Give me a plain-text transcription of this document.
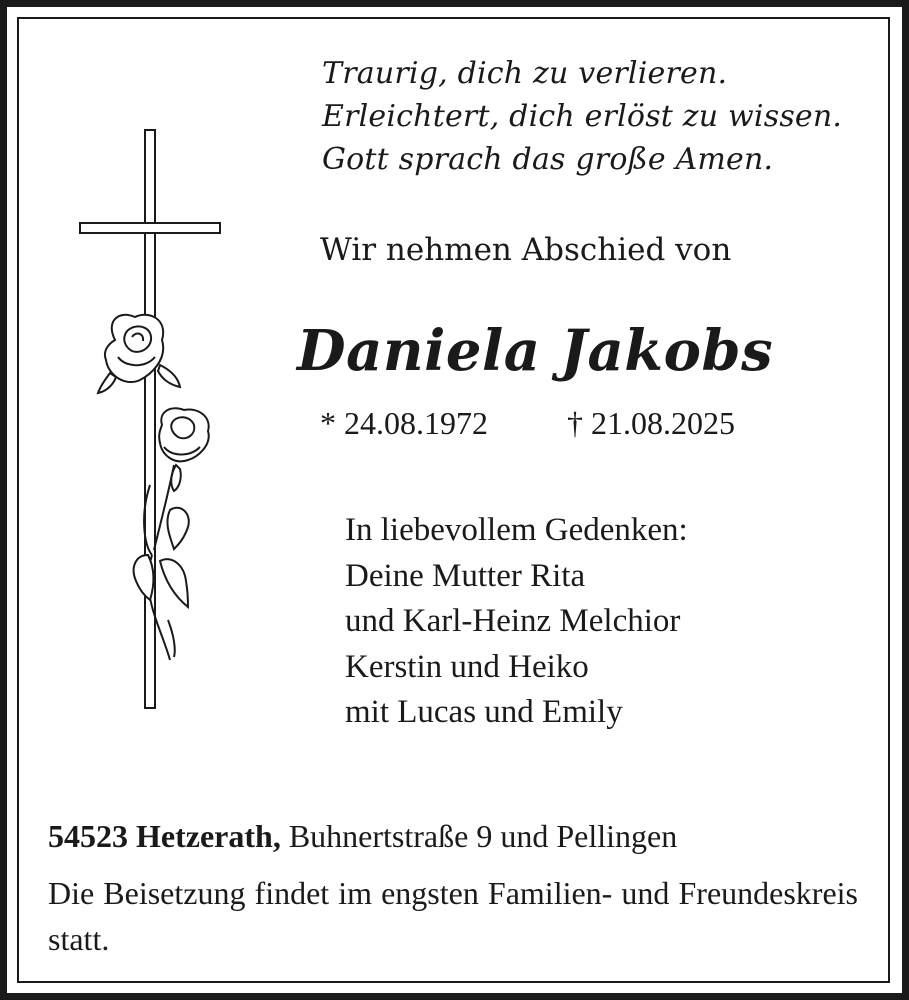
Traurig, dich zu verlieren.
Erleichtert, dich erlöst zu wissen.
Gott sprach das große Amen.
Wir nehmen Abschied von
Daniela Jakobs
* 24.08.1972 † 21.08.2025
In liebevollem Gedenken:
Deine Mutter Rita
und Karl-Heinz Melchior
Kerstin und Heiko
mit Lucas und Emily
54523 Hetzerath, Buhnertstraße 9 und Pellingen
Die Beisetzung findet im engsten Familien- und Freundeskreis statt.
